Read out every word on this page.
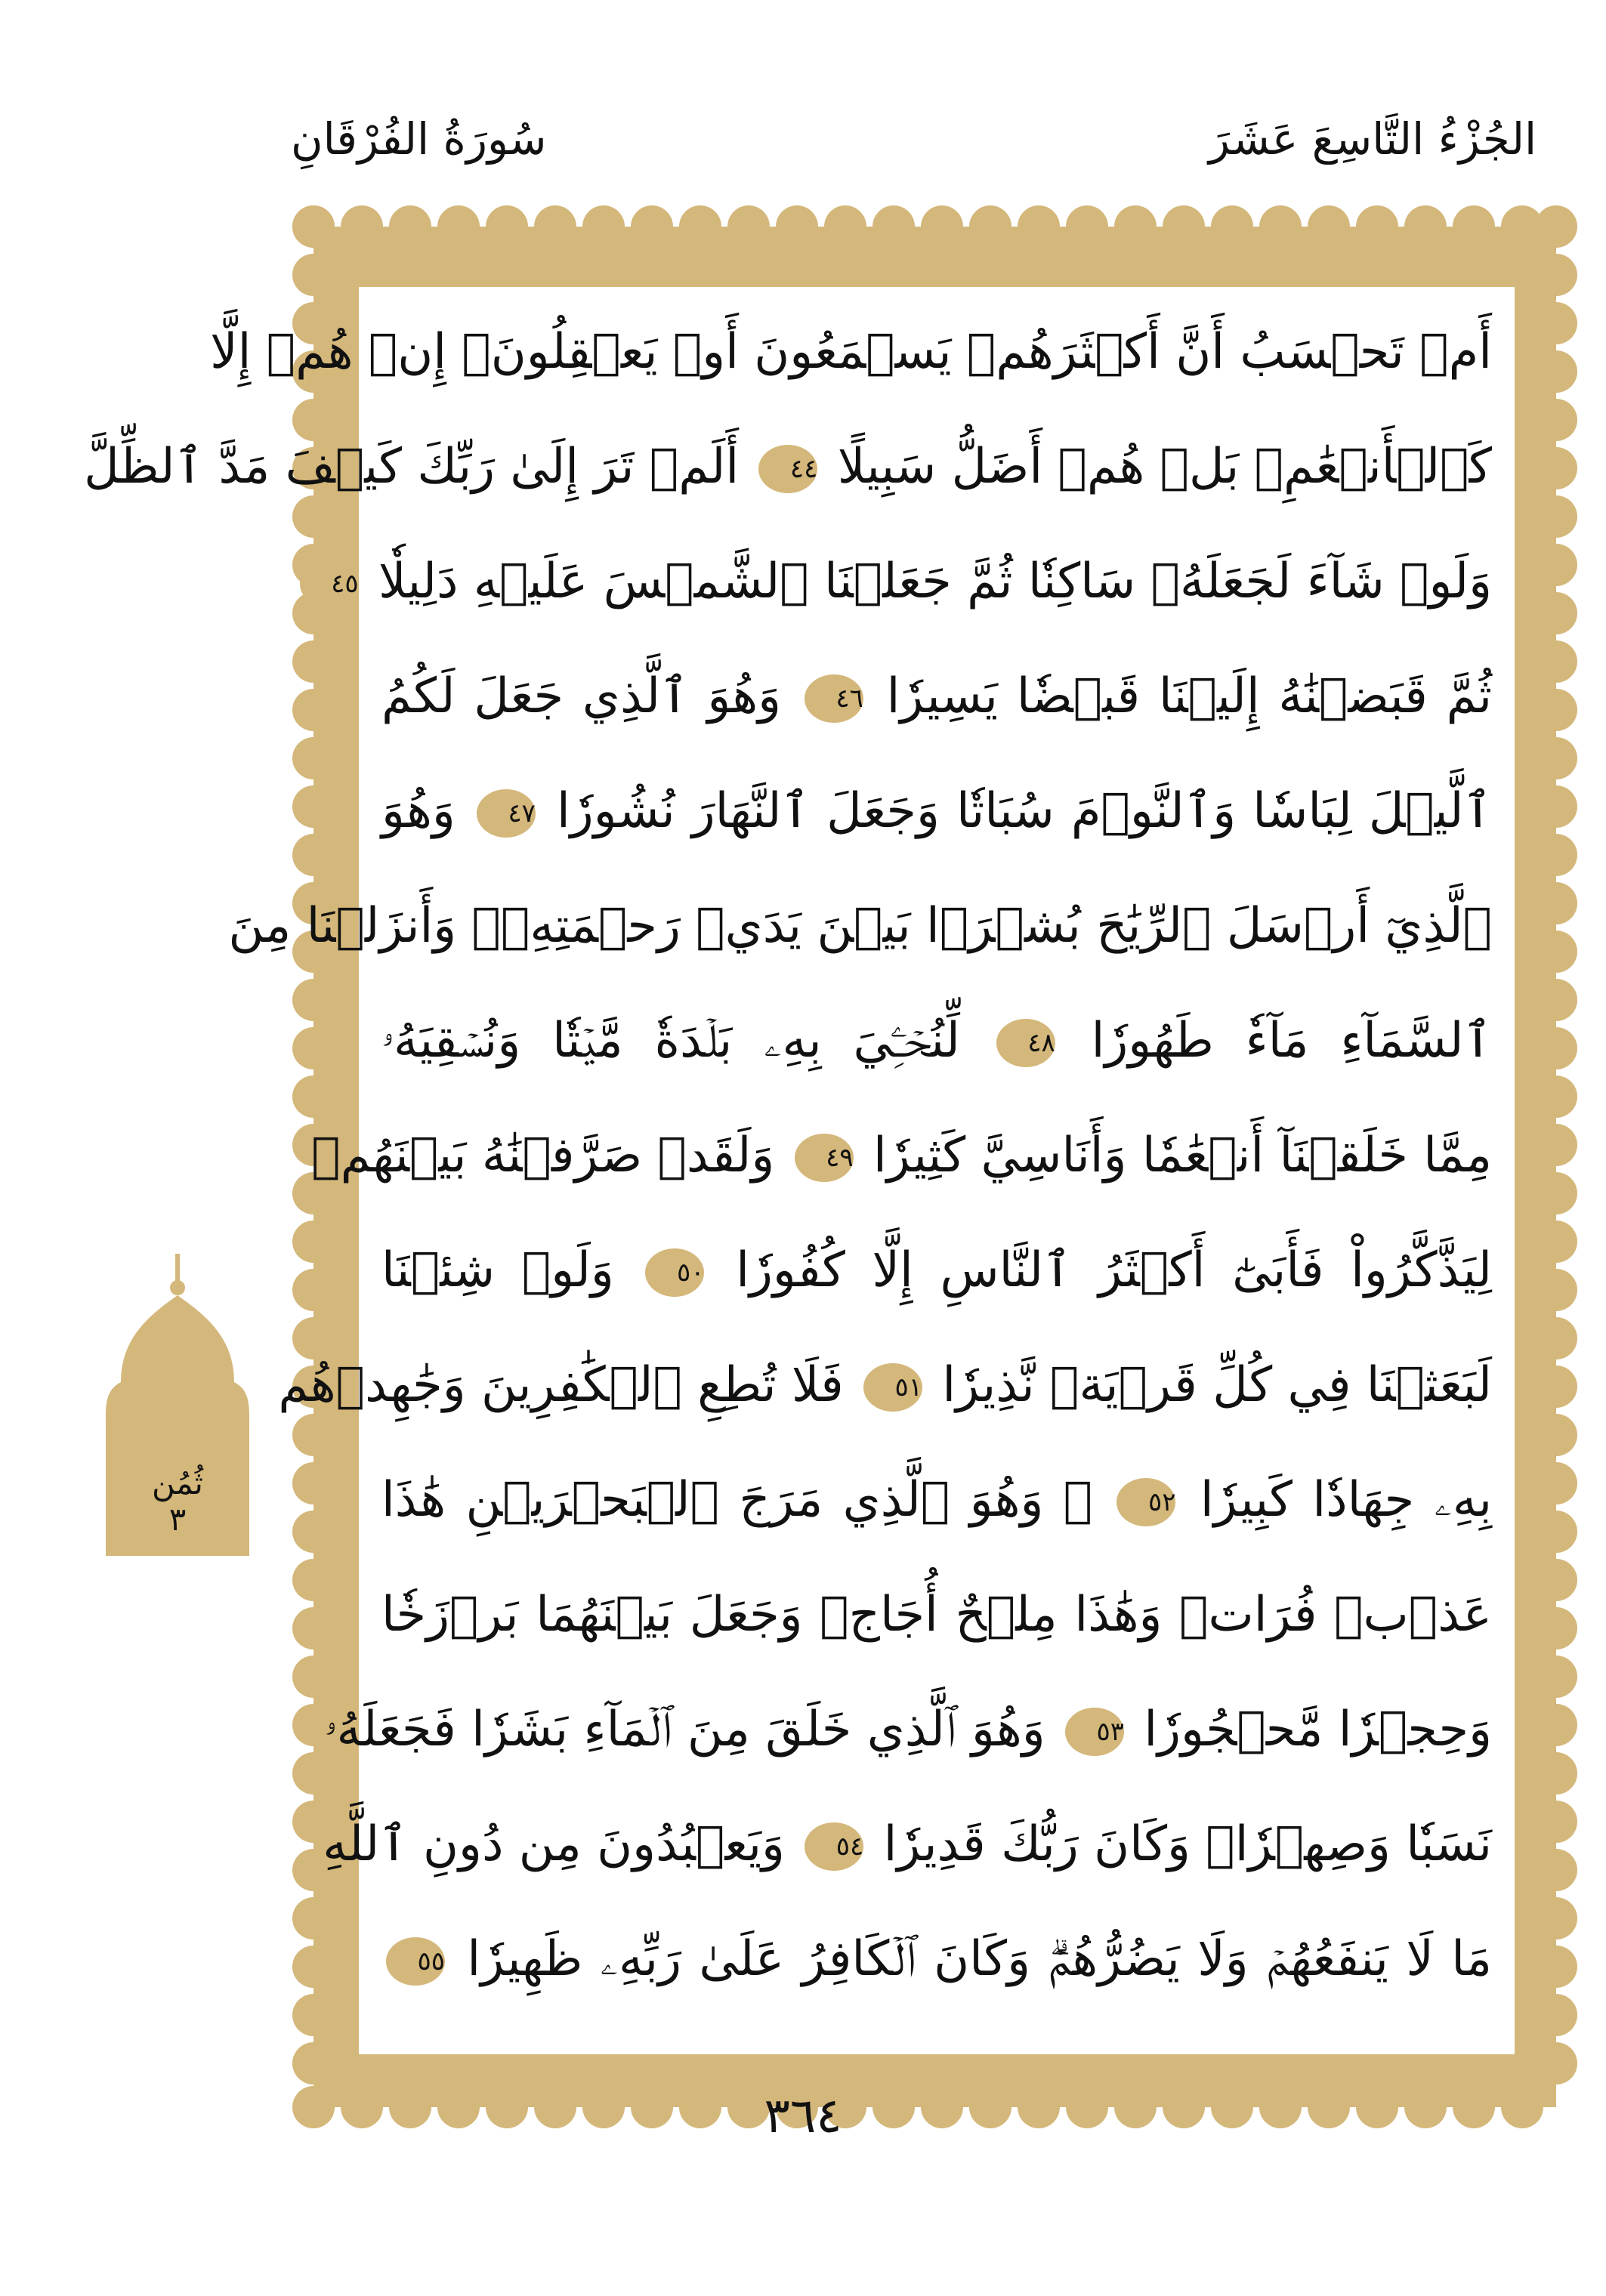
الجُزْءُ التَّاسِعَ عَشَرَ
سُورَةُ الفُرْقَانِ
أَمۡ تَحۡسَبُ أَنَّ أَكۡثَرَهُمۡ يَسۡمَعُونَ أَوۡ يَعۡقِلُونَۚ إِنۡ هُمۡ إِلَّا
كَٱلۡأَنۡعَٰمِۖ بَلۡ هُمۡ أَضَلُّ سَبِيلًا ٤٤ أَلَمۡ تَرَ إِلَىٰ رَبِّكَ كَيۡفَ مَدَّ ٱلظِّلَّ
وَلَوۡ شَآءَ لَجَعَلَهُۥ سَاكِنٗا ثُمَّ جَعَلۡنَا ٱلشَّمۡسَ عَلَيۡهِ دَلِيلٗا ٤٥
ثُمَّ قَبَضۡنَٰهُ إِلَيۡنَا قَبۡضٗا يَسِيرٗا ٤٦ وَهُوَ ٱلَّذِي جَعَلَ لَكُمُ
ٱلَّيۡلَ لِبَاسٗا وَٱلنَّوۡمَ سُبَاتٗا وَجَعَلَ ٱلنَّهَارَ نُشُورٗا ٤٧ وَهُوَ
ٱلَّذِيٓ أَرۡسَلَ ٱلرِّيَٰحَ بُشۡرَۢا بَيۡنَ يَدَيۡ رَحۡمَتِهِۦۚ وَأَنزَلۡنَا مِنَ
ٱلسَّمَآءِ مَآءٗ طَهُورٗا ٤٨ لِّنُحۡـِۧيَ بِهِۦ بَلۡدَةٗ مَّيۡتٗا وَنُسۡقِيَهُۥ
مِمَّا خَلَقۡنَآ أَنۡعَٰمٗا وَأَنَاسِيَّ كَثِيرٗا ٤٩ وَلَقَدۡ صَرَّفۡنَٰهُ بَيۡنَهُمۡ
لِيَذَّكَّرُواْ فَأَبَىٰٓ أَكۡثَرُ ٱلنَّاسِ إِلَّا كُفُورٗا ٥٠ وَلَوۡ شِئۡنَا
لَبَعَثۡنَا فِي كُلِّ قَرۡيَةٖ نَّذِيرٗا ٥١ فَلَا تُطِعِ ٱلۡكَٰفِرِينَ وَجَٰهِدۡهُم
بِهِۦ جِهَادٗا كَبِيرٗا ٥٢ ۞ وَهُوَ ٱلَّذِي مَرَجَ ٱلۡبَحۡرَيۡنِ هَٰذَا
عَذۡبٞ فُرَاتٞ وَهَٰذَا مِلۡحٌ أُجَاجٞ وَجَعَلَ بَيۡنَهُمَا بَرۡزَخٗا
وَحِجۡرٗا مَّحۡجُورٗا ٥٣ وَهُوَ ٱلَّذِي خَلَقَ مِنَ ٱلۡمَآءِ بَشَرٗا فَجَعَلَهُۥ
نَسَبٗا وَصِهۡرٗاۗ وَكَانَ رَبُّكَ قَدِيرٗا ٥٤ وَيَعۡبُدُونَ مِن دُونِ ٱللَّهِ
مَا لَا يَنفَعُهُمۡ وَلَا يَضُرُّهُمۡۗ وَكَانَ ٱلۡكَافِرُ عَلَىٰ رَبِّهِۦ ظَهِيرٗا ٥٥
ثُمُن
٣
٣٦٤
